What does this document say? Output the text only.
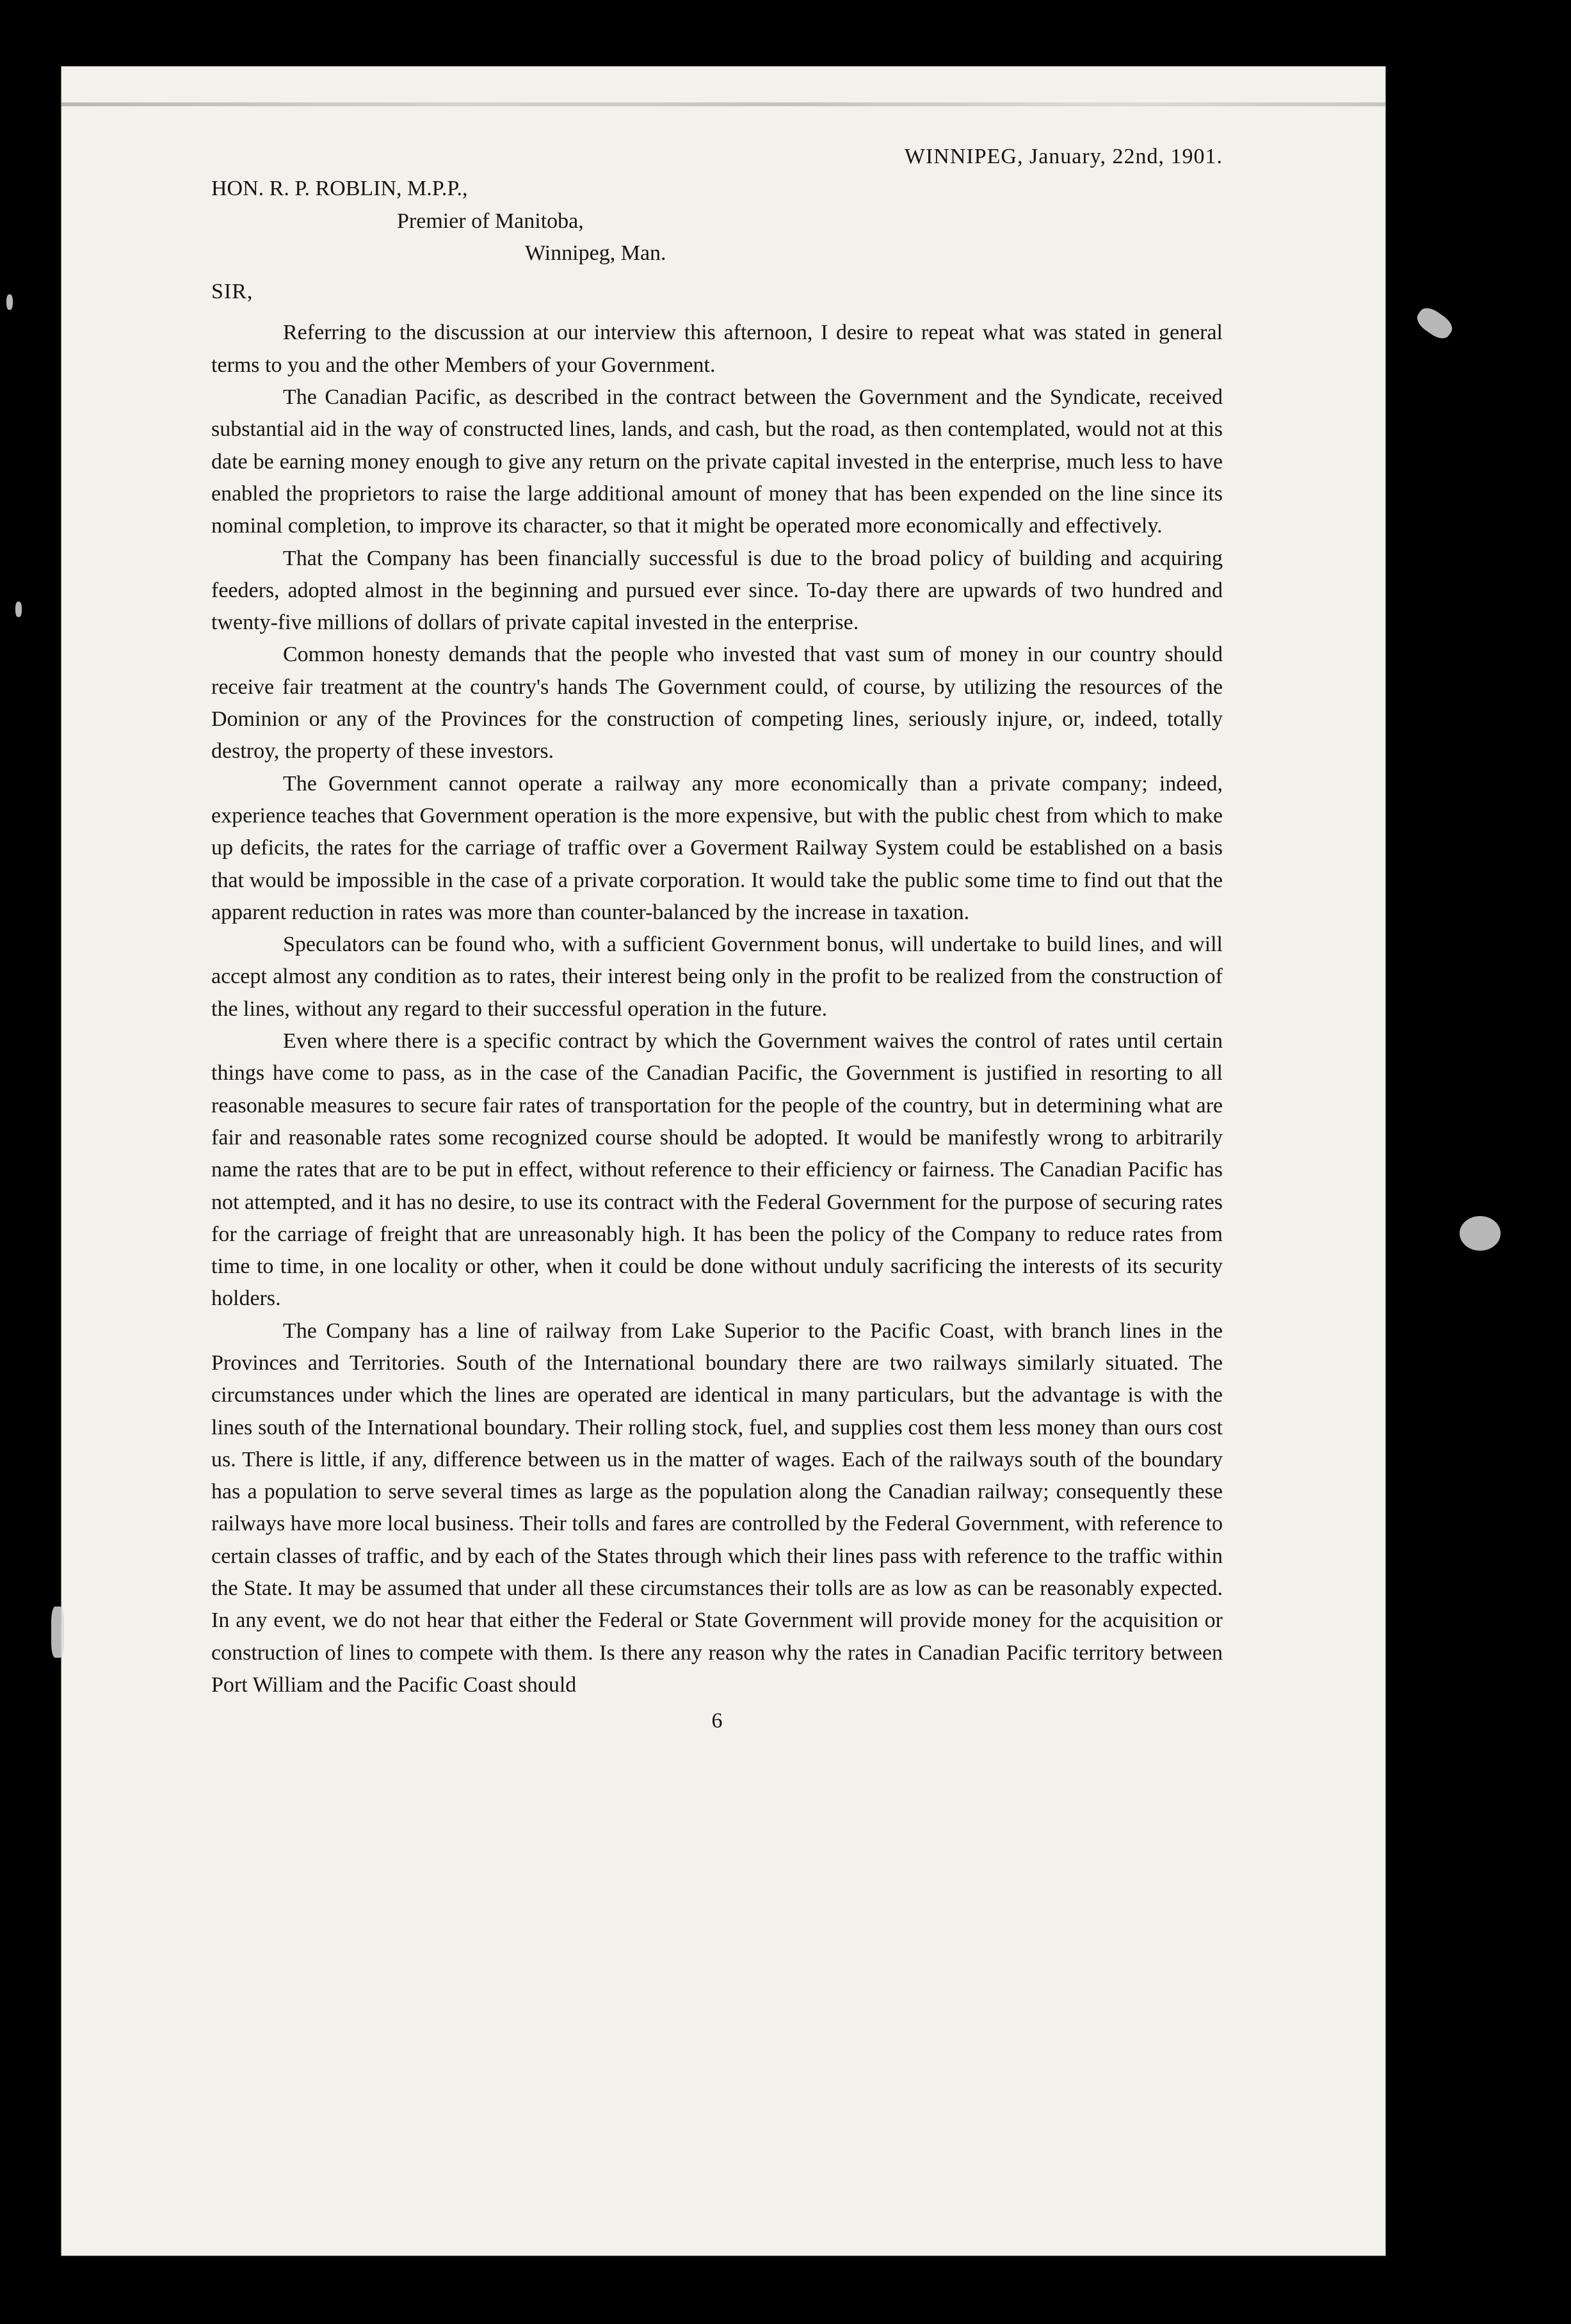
WINNIPEG, January, 22nd, 1901.

HON. R. P. ROBLIN, M.P.P.,

Premier of Manitoba,

Winnipeg, Man.

SIR,

Referring to the discussion at our interview this afternoon, I desire to repeat what was stated in general terms to you and the other Members of your Government.

The Canadian Pacific, as described in the contract between the Government and the Syndicate, received substantial aid in the way of constructed lines, lands, and cash, but the road, as then contemplated, would not at this date be earning money enough to give any return on the private capital invested in the enterprise, much less to have enabled the proprietors to raise the large additional amount of money that has been expended on the line since its nominal completion, to improve its character, so that it might be operated more economically and effectively.

That the Company has been financially successful is due to the broad policy of building and acquiring feeders, adopted almost in the beginning and pursued ever since. To-day there are upwards of two hundred and twenty-five millions of dollars of private capital invested in the enterprise.

Common honesty demands that the people who invested that vast sum of money in our country should receive fair treatment at the country's hands The Government could, of course, by utilizing the resources of the Dominion or any of the Provinces for the construction of competing lines, seriously injure, or, indeed, totally destroy, the property of these investors.

The Government cannot operate a railway any more economically than a private company; indeed, experience teaches that Government operation is the more expensive, but with the public chest from which to make up deficits, the rates for the carriage of traffic over a Goverment Railway System could be established on a basis that would be impossible in the case of a private corporation. It would take the public some time to find out that the apparent reduction in rates was more than counter-balanced by the increase in taxation.

Speculators can be found who, with a sufficient Government bonus, will undertake to build lines, and will accept almost any condition as to rates, their interest being only in the profit to be realized from the construction of the lines, without any regard to their successful operation in the future.

Even where there is a specific contract by which the Government waives the control of rates until certain things have come to pass, as in the case of the Canadian Pacific, the Government is justified in resorting to all reasonable measures to secure fair rates of transportation for the people of the country, but in determining what are fair and reasonable rates some recognized course should be adopted. It would be manifestly wrong to arbitrarily name the rates that are to be put in effect, without reference to their efficiency or fairness. The Canadian Pacific has not attempted, and it has no desire, to use its contract with the Federal Government for the purpose of securing rates for the carriage of freight that are unreasonably high. It has been the policy of the Company to reduce rates from time to time, in one locality or other, when it could be done without unduly sacrificing the interests of its security holders.

The Company has a line of railway from Lake Superior to the Pacific Coast, with branch lines in the Provinces and Territories. South of the International boundary there are two railways similarly situated. The circumstances under which the lines are operated are identical in many particulars, but the advantage is with the lines south of the International boundary. Their rolling stock, fuel, and supplies cost them less money than ours cost us. There is little, if any, difference between us in the matter of wages. Each of the railways south of the boundary has a population to serve several times as large as the population along the Canadian railway; consequently these railways have more local business. Their tolls and fares are controlled by the Federal Government, with reference to certain classes of traffic, and by each of the States through which their lines pass with reference to the traffic within the State. It may be assumed that under all these circumstances their tolls are as low as can be reasonably expected. In any event, we do not hear that either the Federal or State Government will provide money for the acquisition or construction of lines to compete with them. Is there any reason why the rates in Canadian Pacific territory between Port William and the Pacific Coast should

6
